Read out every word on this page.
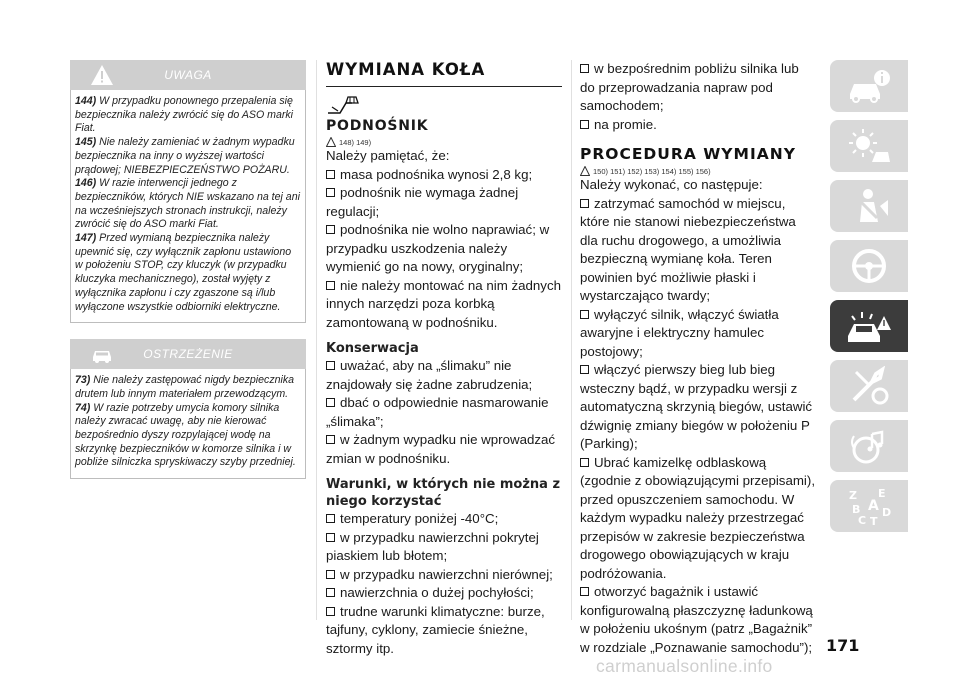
UWAGA

144) W przypadku ponownego przepalenia się bezpiecznika należy zwrócić się do ASO marki Fiat.

145) Nie należy zamieniać w żadnym wypadku bezpiecznika na inny o wyższej wartości prądowej; NIEBEZPIECZEŃSTWO POŻARU.

146) W razie interwencji jednego z bezpieczników, których NIE wskazano na tej ani na wcześniejszych stronach instrukcji, należy zwrócić się do ASO marki Fiat.

147) Przed wymianą bezpiecznika należy upewnić się, czy wyłącznik zapłonu ustawiono w położeniu STOP, czy kluczyk (w przypadku kluczyka mechanicznego), został wyjęty z wyłącznika zapłonu i czy zgaszone są i/lub wyłączone wszystkie odbiorniki elektryczne.

OSTRZEŻENIE

73) Nie należy zastępować nigdy bezpiecznika drutem lub innym materiałem przewodzącym.

74) W razie potrzeby umycia komory silnika należy zwracać uwagę, aby nie kierować bezpośrednio dyszy rozpylającej wodę na skrzynkę bezpieczników w komorze silnika i w pobliże silniczka spryskiwaczy szyby przedniej.

WYMIANA KOŁA
PODNOŚNIK
148) 149)

Należy pamiętać, że:

masa podnośnika wynosi 2,8 kg;

podnośnik nie wymaga żadnej regulacji;

podnośnika nie wolno naprawiać; w przypadku uszkodzenia należy wymienić go na nowy, oryginalny;

nie należy montować na nim żadnych innych narzędzi poza korbką zamontowaną w podnośniku.

Konserwacja

uważać, aby na „ślimaku” nie znajdowały się żadne zabrudzenia;

dbać o odpowiednie nasmarowanie „ślimaka”;

w żadnym wypadku nie wprowadzać zmian w podnośniku.

Warunki, w których nie można z niego korzystać

temperatury poniżej -40°C;

w przypadku nawierzchni pokrytej piaskiem lub błotem;

w przypadku nawierzchni nierównej;

nawierzchnia o dużej pochyłości;

trudne warunki klimatyczne: burze, tajfuny, cyklony, zamiecie śnieżne, sztormy itp.

w bezpośrednim pobliżu silnika lub do przeprowadzania napraw pod samochodem;

na promie.

PROCEDURA WYMIANY
150) 151) 152) 153) 154) 155) 156)

Należy wykonać, co następuje:

zatrzymać samochód w miejscu, które nie stanowi niebezpieczeństwa dla ruchu drogowego, a umożliwia bezpieczną wymianę koła. Teren powinien być możliwie płaski i wystarczająco twardy;

wyłączyć silnik, włączyć światła awaryjne i elektryczny hamulec postojowy;

włączyć pierwszy bieg lub bieg wsteczny bądź, w przypadku wersji z automatyczną skrzynią biegów, ustawić dźwignię zmiany biegów w położeniu P (Parking);

Ubrać kamizelkę odblaskową (zgodnie z obowiązującymi przepisami), przed opuszczeniem samochodu. W każdym wypadku należy przestrzegać przepisów w zakresie bezpieczeństwa drogowego obowiązujących w kraju podróżowania.

otworzyć bagażnik i ustawić konfigurowalną płaszczyznę ładunkową w położeniu ukośnym (patrz „Bagażnik” w rozdziale „Poznawanie samochodu”);

Z E
B A
C T
D
171
carmanualsonline.info
